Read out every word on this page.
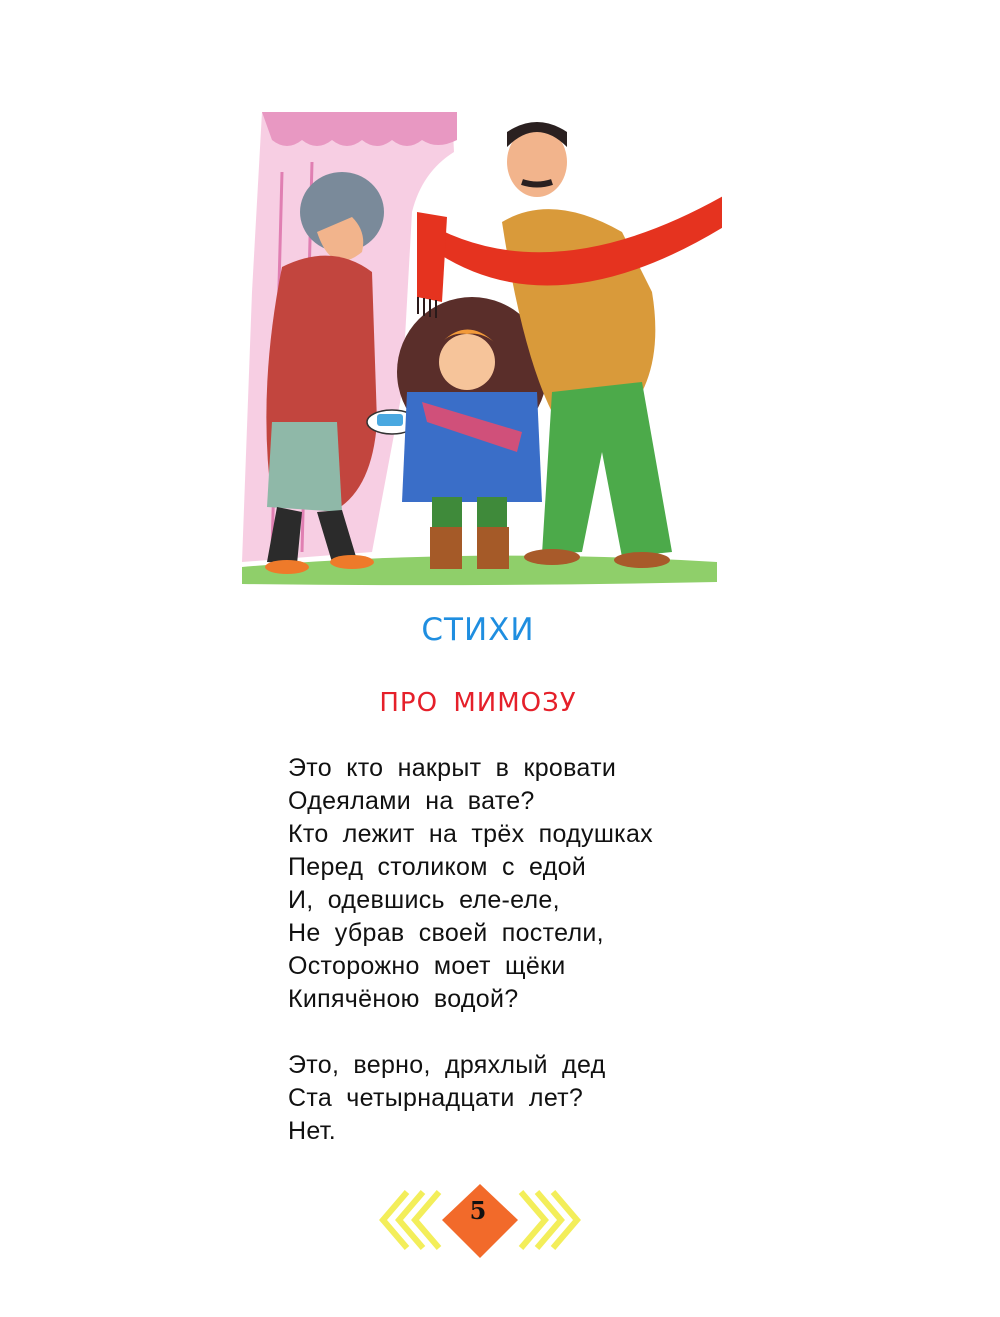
СТИХИ
ПРО МИМОЗУ
Это кто накрыт в кровати
Одеялами на вате?
Кто лежит на трёх подушках
Перед столиком с едой
И, одевшись еле-еле,
Не убрав своей постели,
Осторожно моет щёки
Кипячёною водой?
Это, верно, дряхлый дед
Ста четырнадцати лет?
Нет.
5
